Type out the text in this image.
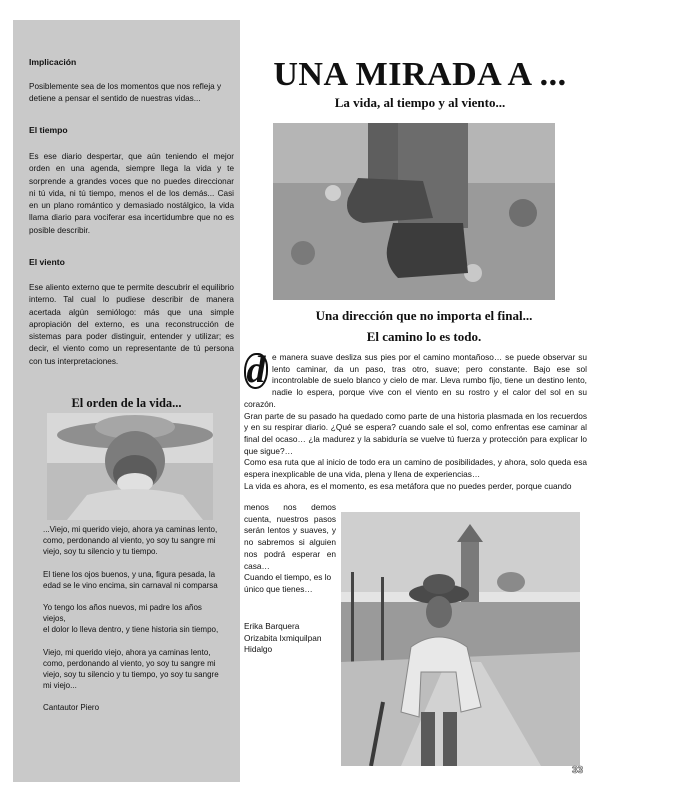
Implicación

Posiblemente sea de los momentos que nos refleja y detiene a pensar el sentido de nuestras vidas...

El tiempo

Es ese diario despertar, que aún teniendo el mejor orden en una agenda, siempre llega la vida y te sorprende a grandes voces que no puedes direccionar ni tú vida, ni tú tiempo, menos el de los demás... Casi en un plano romántico y demasiado nostálgico, la vida llama diario para vociferar esa incertidumbre que no es posible describir.

El viento

Ese aliento externo que te permite descubrir el equilibrio interno. Tal cual lo pudiese describir de manera acertada algún semiólogo: más que una simple apropiación del externo, es una reconstrucción de sistemas para poder distinguir, entender y utilizar; es decir, el viento como un representante de tú persona con tus interpretaciones.

El orden de la vida...

...Viejo, mi querido viejo, ahora ya caminas lento,

como, perdonando al viento, yo soy tu sangre mi viejo, soy tu silencio y tu tiempo.

El tiene los ojos buenos, y una, figura pesada, la edad se le vino encima, sin carnaval ni comparsa

Yo tengo los años nuevos, mi padre los años viejos,

el dolor lo lleva dentro, y tiene historia sin tiempo,

Viejo, mi querido viejo, ahora ya caminas lento, como, perdonando al viento, yo soy tu sangre mi viejo, soy tu silencio y tu tiempo, yo soy tu sangre mi viejo...

Cantautor Piero

UNA MIRADA A ...
La vida, al tiempo y al viento...
Una dirección que no importa el final...
El camino lo es todo.
d e manera suave desliza sus pies por el camino montañoso… se puede observar su lento caminar, da un paso, tras otro, suave; pero constante. Bajo ese sol incontrolable de suelo blanco y cielo de mar. Lleva rumbo fijo, tiene un destino lento, nadie lo espera, porque vive con el viento en su rostro y el calor del sol en su corazón.

Gran parte de su pasado ha quedado como parte de una historia plasmada en los recuerdos y en su respirar diario. ¿Qué se espera? cuando sale el sol, como enfrentas ese caminar al final del ocaso… ¿la madurez y la sabiduría se vuelve tú fuerza y protección para explicar lo que sigue?…

Como esa ruta que al inicio de todo era un camino de posibilidades, y ahora, solo queda esa espera inexplicable de una vida, plena y llena de experiencias…

La vida es ahora, es el momento, es esa metáfora que no puedes perder, porque cuando

menos nos demos cuenta, nuestros pasos serán lentos y suaves, y no sabremos si alguien nos podrá esperar en casa…

Cuando el tiempo, es lo único que tienes…

Erika Barquera
Orizabita Ixmiquilpan
Hidalgo
33
